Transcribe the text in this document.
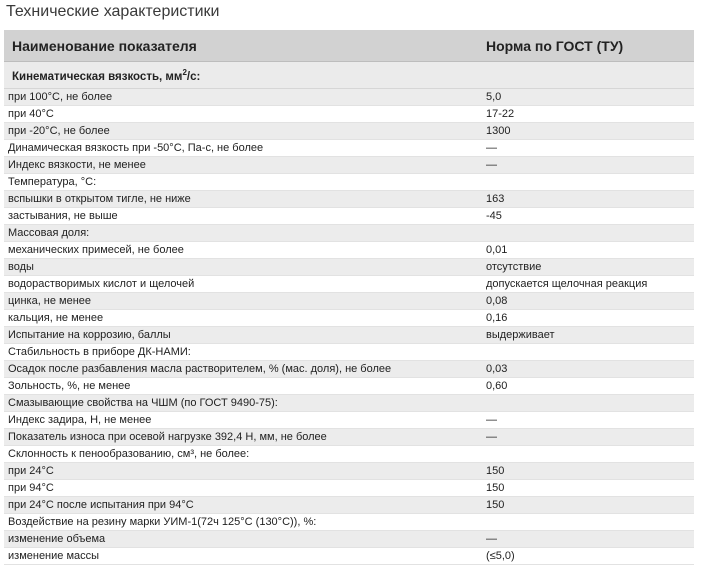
Технические характеристики
Наименование показателя	Норма по ГОСТ (ТУ)
Кинематическая вязкость, $мм^2/с$:	
при 100°С, не более	5,0
при 40°С	17-22
при -20°С, не более	1300
Динамическая вязкость при -50°С, Па-с, не более	—
Индекс вязкости, не менее	—
Температура, °С:	
вспышки в открытом тигле, не ниже	163
застывания, не выше	-45
Массовая доля:	
механических примесей, не более	0,01
воды	отсутствие
водорастворимых кислот и щелочей	допускается щелочная реакция
цинка, не менее	0,08
кальция, не менее	0,16
Испытание на коррозию, баллы	выдерживает
Стабильность в приборе ДК-НАМИ:	
Осадок после разбавления масла растворителем, % (мас. доля), не более	0,03
Зольность, %, не менее	0,60
Смазывающие свойства на ЧШМ (по ГОСТ 9490-75):	
Индекс задира, Н, не менее	—
Показатель износа при осевой нагрузке 392,4 Н, мм, не более	—
Склонность к пенообразованию, см³, не более:	
при 24°С	150
при 94°С	150
при 24°С после испытания при 94°С	150
Воздействие на резину марки УИМ-1(72ч 125°С (130°С)), %:	
изменение объема	—
изменение массы	(≤5,0)
